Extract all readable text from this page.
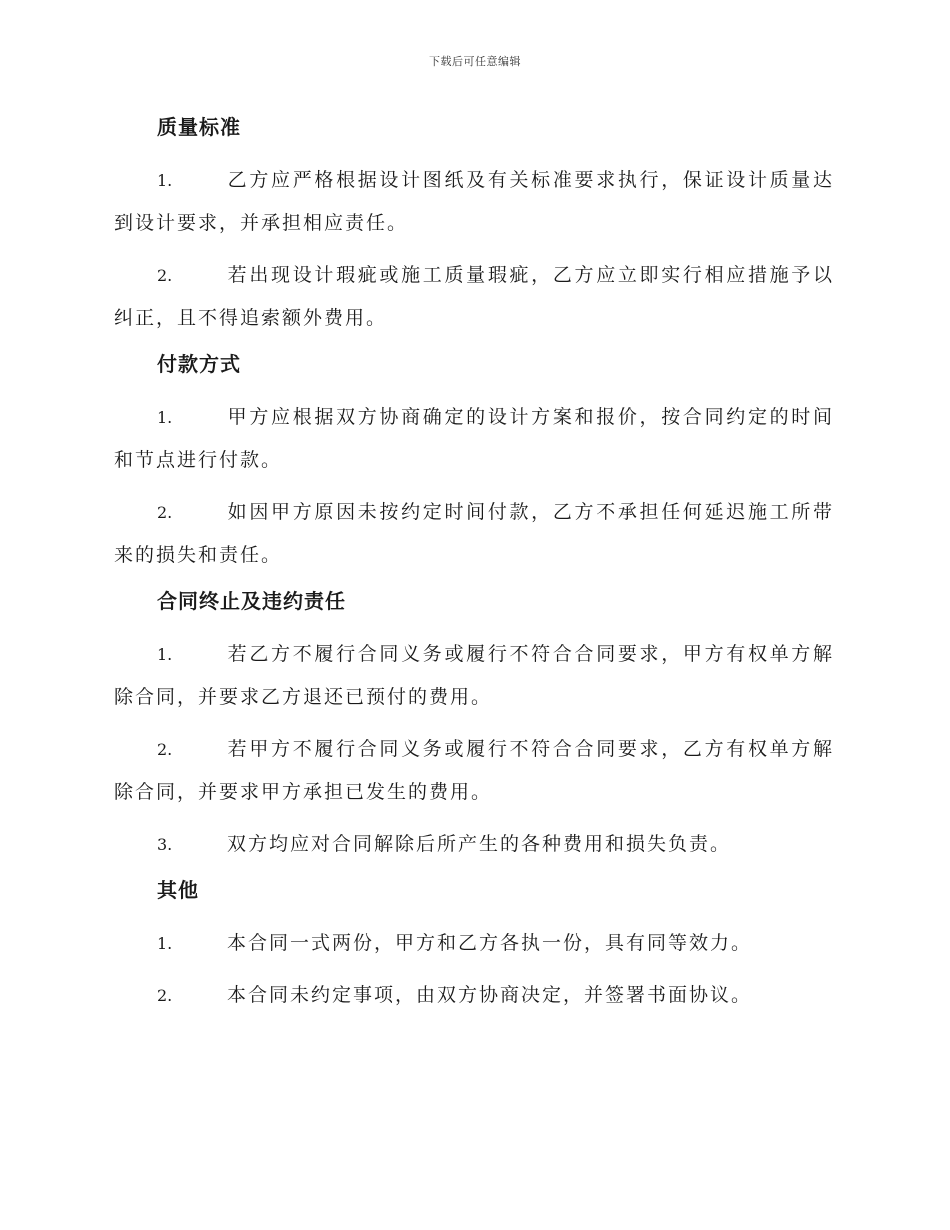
下载后可任意编辑
质量标准

1.	乙方应严格根据设计图纸及有关标准要求执行，保证设计质量达到设计要求，并承担相应责任。

2.	若出现设计瑕疵或施工质量瑕疵，乙方应立即实行相应措施予以纠正，且不得追索额外费用。

付款方式

1.	甲方应根据双方协商确定的设计方案和报价，按合同约定的时间和节点进行付款。

2.	如因甲方原因未按约定时间付款，乙方不承担任何延迟施工所带来的损失和责任。

合同终止及违约责任

1.	若乙方不履行合同义务或履行不符合合同要求，甲方有权单方解除合同，并要求乙方退还已预付的费用。

2.	若甲方不履行合同义务或履行不符合合同要求，乙方有权单方解除合同，并要求甲方承担已发生的费用。

3.	双方均应对合同解除后所产生的各种费用和损失负责。

其他

1.	本合同一式两份，甲方和乙方各执一份，具有同等效力。

2.	本合同未约定事项，由双方协商决定，并签署书面协议。
